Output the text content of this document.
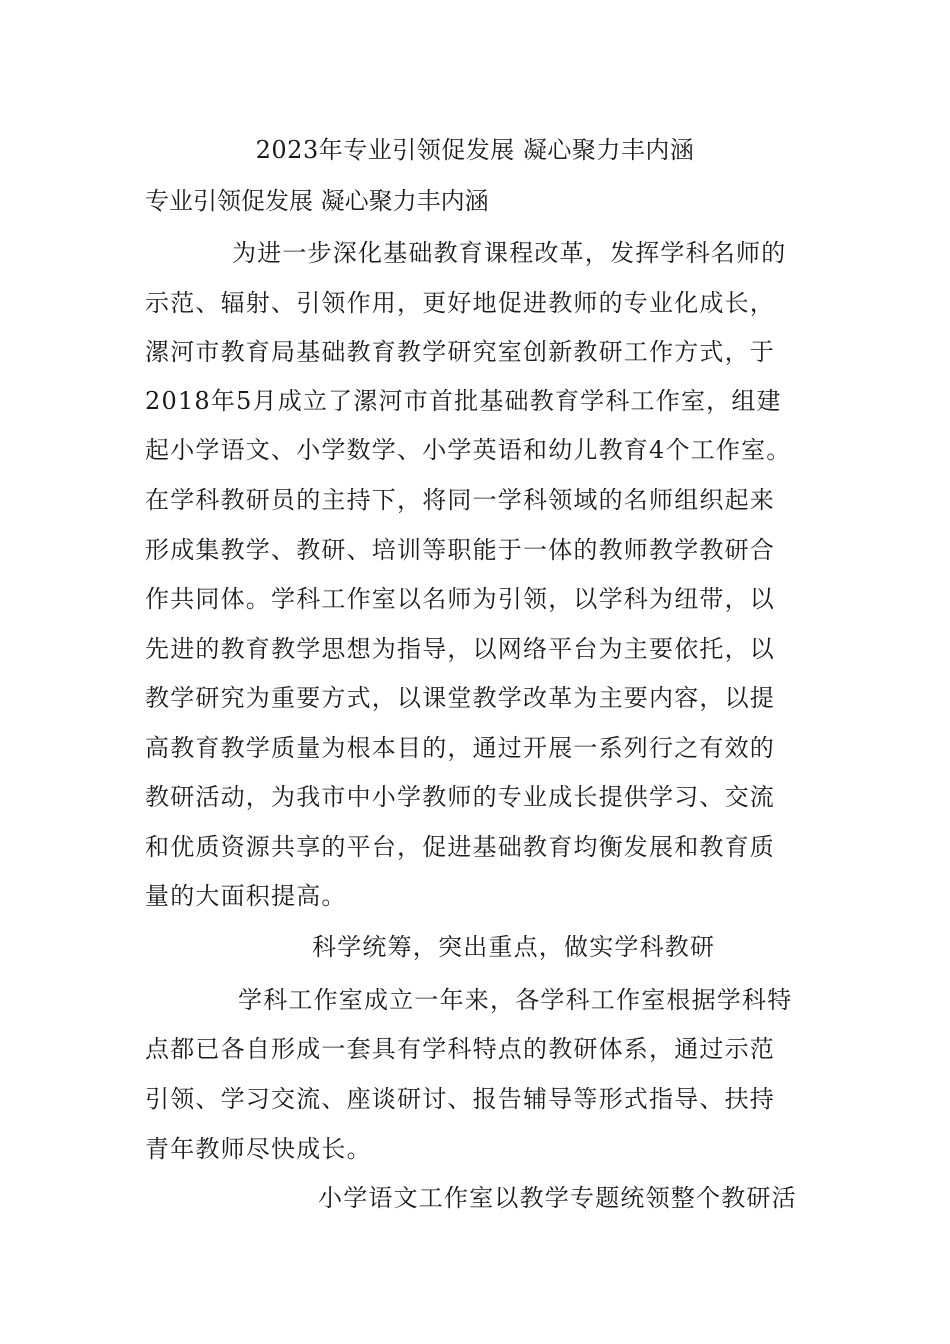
2023年专业引领促发展 凝心聚力丰内涵
专业引领促发展 凝心聚力丰内涵
为进一步深化基础教育课程改革，发挥学科名师的
示范、辐射、引领作用，更好地促进教师的专业化成长，
漯河市教育局基础教育教学研究室创新教研工作方式，于
2018年5月成立了漯河市首批基础教育学科工作室，组建
起小学语文、小学数学、小学英语和幼儿教育4个工作室。
在学科教研员的主持下，将同一学科领域的名师组织起来
形成集教学、教研、培训等职能于一体的教师教学教研合
作共同体。学科工作室以名师为引领，以学科为纽带，以
先进的教育教学思想为指导，以网络平台为主要依托，以
教学研究为重要方式，以课堂教学改革为主要内容，以提
高教育教学质量为根本目的，通过开展一系列行之有效的
教研活动，为我市中小学教师的专业成长提供学习、交流
和优质资源共享的平台，促进基础教育均衡发展和教育质
量的大面积提高。
科学统筹，突出重点，做实学科教研
学科工作室成立一年来，各学科工作室根据学科特
点都已各自形成一套具有学科特点的教研体系，通过示范
引领、学习交流、座谈研讨、报告辅导等形式指导、扶持
青年教师尽快成长。
小学语文工作室以教学专题统领整个教研活
